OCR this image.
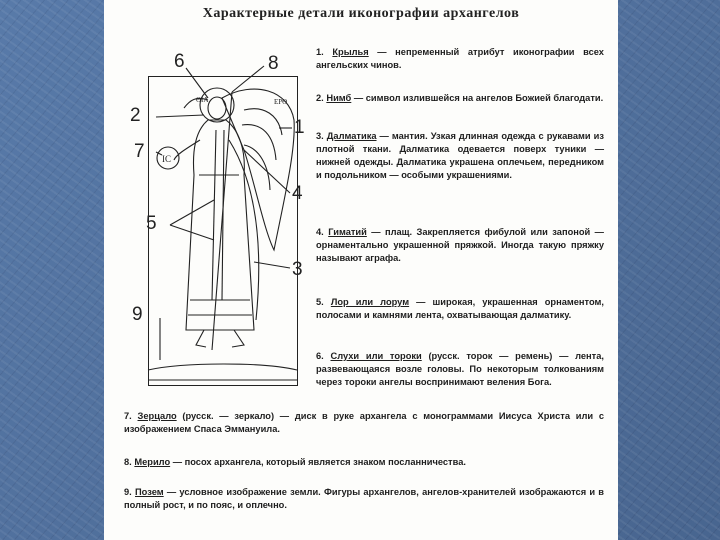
Характерные детали иконографии архангелов
IC
ΘΙΑ	ΕΡΘ
6	8
2
1
7
4
5
3
9

1. Крылья — непременный атрибут иконографии всех ангельских чинов.

2. Нимб — символ излившейся на ангелов Божией благодати.

3. Далматика — мантия. Узкая длинная одежда с рукавами из плотной ткани. Далматика одевается поверх туники — нижней одежды. Далматика украшена оплечьем, передником и подольником — особыми украшениями.

4. Гиматий — плащ. Закрепляется фибулой или запоной — орнаментально украшенной пряжкой. Иногда такую пряжку называют аграфа.

5. Лор или лорум — широкая, украшенная орнаментом, полосами и камнями лента, охватывающая далматику.

6. Слухи или тороки (русск. торок — ремень) — лента, развевающаяся возле головы. По некоторым толкованиям через тороки ангелы воспринимают веления Бога.

7. Зерцало (русск. — зеркало) — диск в руке архангела с монограммами Иисуса Христа или с изображением Спаса Эммануила.

8. Мерило — посох архангела, который является знаком посланничества.

9. Позем — условное изображение земли. Фигуры архангелов, ангелов-хранителей изображаются и в полный рост, и по пояс, и оплечно.
